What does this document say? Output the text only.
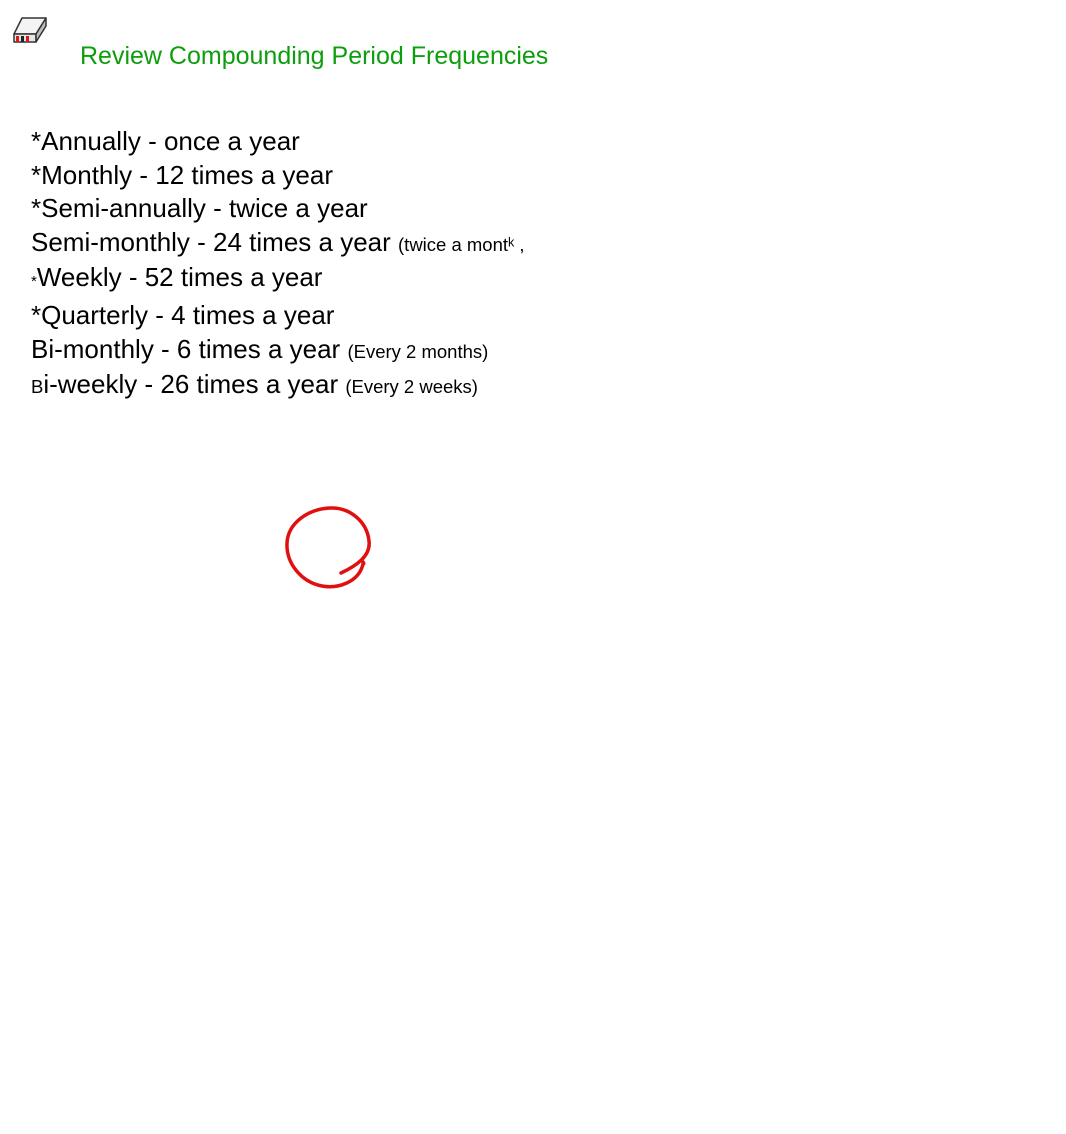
Review Compounding Period Frequencies
*Annually - once a year
*Monthly - 12 times a year
*Semi-annually - twice a year
Semi-monthly - 24 times a year (twice a montᵏ ,
*Weekly - 52 times a year
*Quarterly - 4 times a year
Bi-monthly - 6 times a year (Every 2 months)
Bi-weekly - 26 times a year (Every 2 weeks)
